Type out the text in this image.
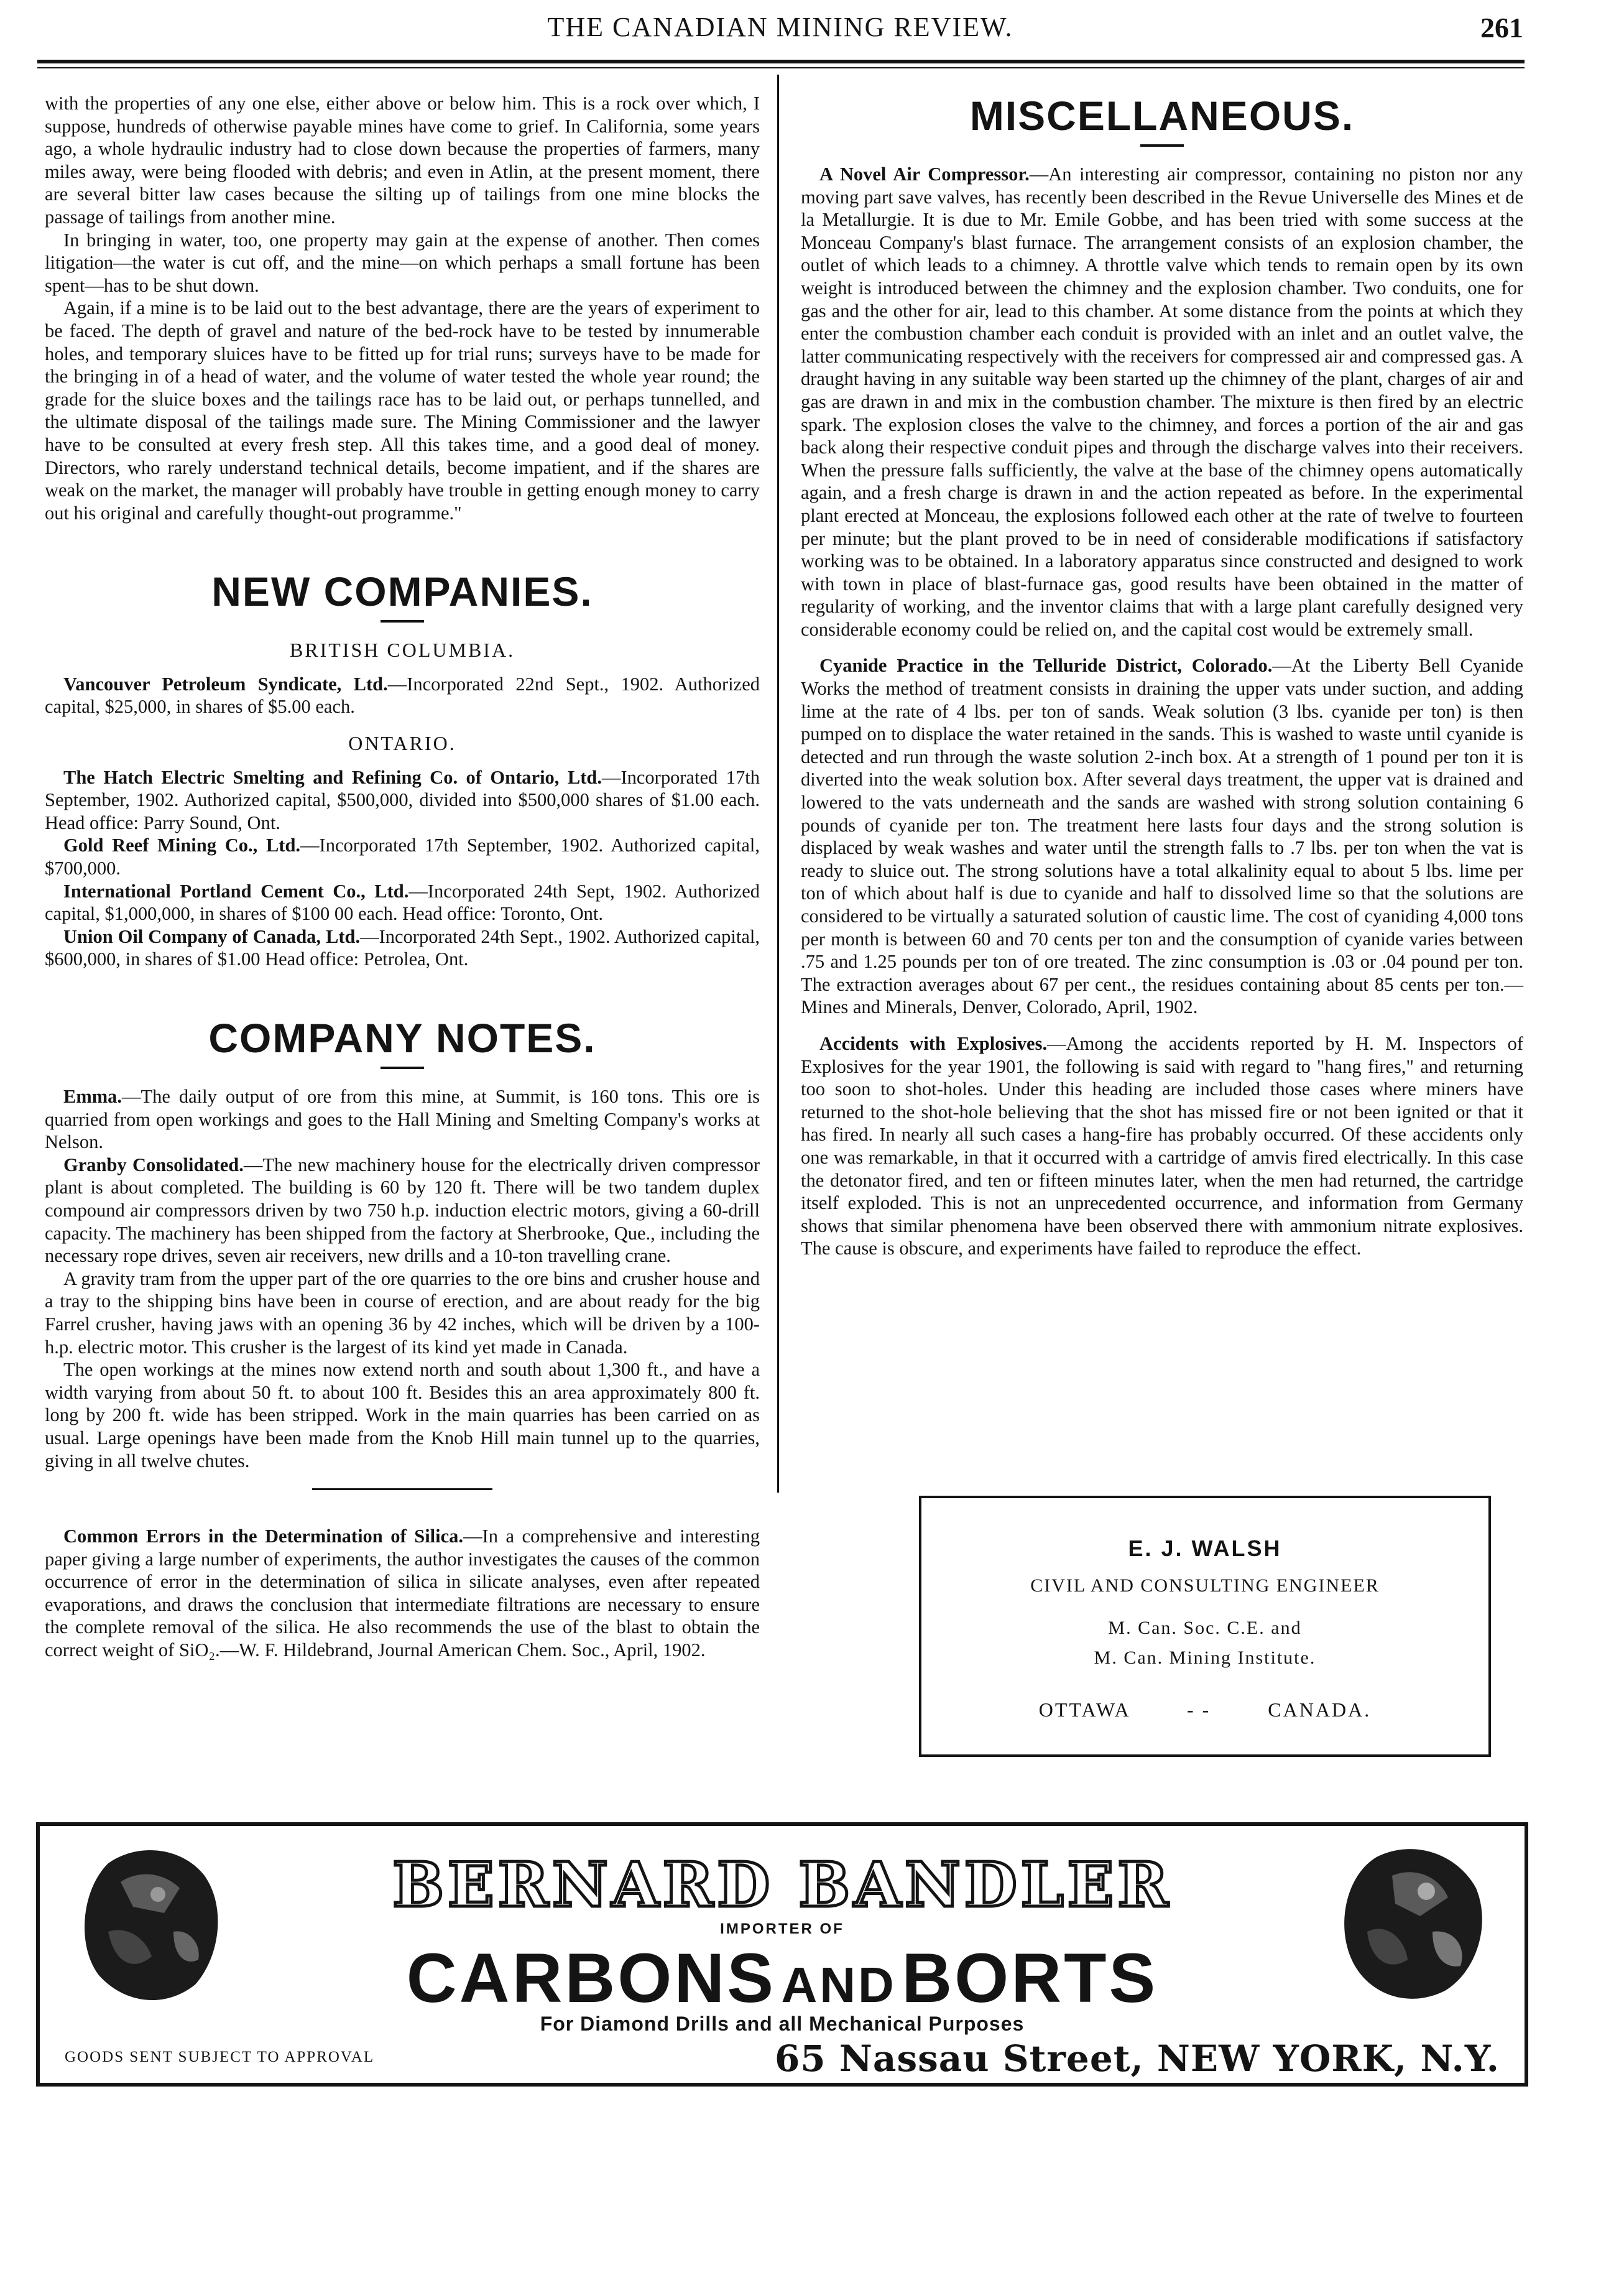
THE CANADIAN MINING REVIEW.	261

with the properties of any one else, either above or below him. This is a rock over which, I suppose, hundreds of otherwise payable mines have come to grief. In California, some years ago, a whole hydraulic industry had to close down because the properties of farmers, many miles away, were being flooded with debris; and even in Atlin, at the present moment, there are several bitter law cases because the silting up of tailings from one mine blocks the passage of tailings from another mine.

In bringing in water, too, one property may gain at the expense of another. Then comes litigation—the water is cut off, and the mine—on which perhaps a small fortune has been spent—has to be shut down.

Again, if a mine is to be laid out to the best advantage, there are the years of experiment to be faced. The depth of gravel and nature of the bed-rock have to be tested by innumerable holes, and temporary sluices have to be fitted up for trial runs; surveys have to be made for the bringing in of a head of water, and the volume of water tested the whole year round; the grade for the sluice boxes and the tailings race has to be laid out, or perhaps tunnelled, and the ultimate disposal of the tailings made sure. The Mining Commissioner and the lawyer have to be consulted at every fresh step. All this takes time, and a good deal of money. Directors, who rarely understand technical details, become impatient, and if the shares are weak on the market, the manager will probably have trouble in getting enough money to carry out his original and carefully thought-out programme."

NEW COMPANIES.
BRITISH COLUMBIA.

Vancouver Petroleum Syndicate, Ltd.—Incorporated 22nd Sept., 1902. Authorized capital, $25,000, in shares of $5.00 each.

ONTARIO.

The Hatch Electric Smelting and Refining Co. of Ontario, Ltd.—Incorporated 17th September, 1902. Authorized capital, $500,000, divided into $500,000 shares of $1.00 each. Head office: Parry Sound, Ont.

Gold Reef Mining Co., Ltd.—Incorporated 17th September, 1902. Authorized capital, $700,000.

International Portland Cement Co., Ltd.—Incorporated 24th Sept, 1902. Authorized capital, $1,000,000, in shares of $100 00 each. Head office: Toronto, Ont.

Union Oil Company of Canada, Ltd.—Incorporated 24th Sept., 1902. Authorized capital, $600,000, in shares of $1.00 Head office: Petrolea, Ont.

COMPANY NOTES.

Emma.—The daily output of ore from this mine, at Summit, is 160 tons. This ore is quarried from open workings and goes to the Hall Mining and Smelting Company's works at Nelson.

Granby Consolidated.—The new machinery house for the electrically driven compressor plant is about completed. The building is 60 by 120 ft. There will be two tandem duplex compound air compressors driven by two 750 h.p. induction electric motors, giving a 60-drill capacity. The machinery has been shipped from the factory at Sherbrooke, Que., including the necessary rope drives, seven air receivers, new drills and a 10-ton travelling crane.

A gravity tram from the upper part of the ore quarries to the ore bins and crusher house and a tray to the shipping bins have been in course of erection, and are about ready for the big Farrel crusher, having jaws with an opening 36 by 42 inches, which will be driven by a 100-h.p. electric motor. This crusher is the largest of its kind yet made in Canada.

The open workings at the mines now extend north and south about 1,300 ft., and have a width varying from about 50 ft. to about 100 ft. Besides this an area approximately 800 ft. long by 200 ft. wide has been stripped. Work in the main quarries has been carried on as usual. Large openings have been made from the Knob Hill main tunnel up to the quarries, giving in all twelve chutes.

Common Errors in the Determination of Silica.—In a comprehensive and interesting paper giving a large number of experiments, the author investigates the causes of the common occurrence of error in the determination of silica in silicate analyses, even after repeated evaporations, and draws the conclusion that intermediate filtrations are necessary to ensure the complete removal of the silica. He also recommends the use of the blast to obtain the correct weight of SiO₂.—W. F. Hildebrand, Journal American Chem. Soc., April, 1902.

MISCELLANEOUS.

A Novel Air Compressor.—An interesting air compressor, containing no piston nor any moving part save valves, has recently been described in the Revue Universelle des Mines et de la Metallurgie. It is due to Mr. Emile Gobbe, and has been tried with some success at the Monceau Company's blast furnace. The arrangement consists of an explosion chamber, the outlet of which leads to a chimney. A throttle valve which tends to remain open by its own weight is introduced between the chimney and the explosion chamber. Two conduits, one for gas and the other for air, lead to this chamber. At some distance from the points at which they enter the combustion chamber each conduit is provided with an inlet and an outlet valve, the latter communicating respectively with the receivers for compressed air and compressed gas. A draught having in any suitable way been started up the chimney of the plant, charges of air and gas are drawn in and mix in the combustion chamber. The mixture is then fired by an electric spark. The explosion closes the valve to the chimney, and forces a portion of the air and gas back along their respective conduit pipes and through the discharge valves into their receivers. When the pressure falls sufficiently, the valve at the base of the chimney opens automatically again, and a fresh charge is drawn in and the action repeated as before. In the experimental plant erected at Monceau, the explosions followed each other at the rate of twelve to fourteen per minute; but the plant proved to be in need of considerable modifications if satisfactory working was to be obtained. In a laboratory apparatus since constructed and designed to work with town in place of blast-furnace gas, good results have been obtained in the matter of regularity of working, and the inventor claims that with a large plant carefully designed very considerable economy could be relied on, and the capital cost would be extremely small.

Cyanide Practice in the Telluride District, Colorado.—At the Liberty Bell Cyanide Works the method of treatment consists in draining the upper vats under suction, and adding lime at the rate of 4 lbs. per ton of sands. Weak solution (3 lbs. cyanide per ton) is then pumped on to displace the water retained in the sands. This is washed to waste until cyanide is detected and run through the waste solution 2-inch box. At a strength of 1 pound per ton it is diverted into the weak solution box. After several days treatment, the upper vat is drained and lowered to the vats underneath and the sands are washed with strong solution containing 6 pounds of cyanide per ton. The treatment here lasts four days and the strong solution is displaced by weak washes and water until the strength falls to .7 lbs. per ton when the vat is ready to sluice out. The strong solutions have a total alkalinity equal to about 5 lbs. lime per ton of which about half is due to cyanide and half to dissolved lime so that the solutions are considered to be virtually a saturated solution of caustic lime. The cost of cyaniding 4,000 tons per month is between 60 and 70 cents per ton and the consumption of cyanide varies between .75 and 1.25 pounds per ton of ore treated. The zinc consumption is .03 or .04 pound per ton. The extraction averages about 67 per cent., the residues containing about 85 cents per ton.—Mines and Minerals, Denver, Colorado, April, 1902.

Accidents with Explosives.—Among the accidents reported by H. M. Inspectors of Explosives for the year 1901, the following is said with regard to "hang fires," and returning too soon to shot-holes. Under this heading are included those cases where miners have returned to the shot-hole believing that the shot has missed fire or not been ignited or that it has fired. In nearly all such cases a hang-fire has probably occurred. Of these accidents only one was remarkable, in that it occurred with a cartridge of amvis fired electrically. In this case the detonator fired, and ten or fifteen minutes later, when the men had returned, the cartridge itself exploded. This is not an unprecedented occurrence, and information from Germany shows that similar phenomena have been observed there with ammonium nitrate explosives. The cause is obscure, and experiments have failed to reproduce the effect.

E. J. WALSH
CIVIL AND CONSULTING ENGINEER
M. Can. Soc. C.E. and
M. Can. Mining Institute.
OTTAWA	- -	CANADA.
BERNARD BANDLER
IMPORTER OF
CARBONS AND BORTS
For Diamond Drills and all Mechanical Purposes
GOODS SENT SUBJECT TO APPROVAL	65 Nassau Street, NEW YORK, N.Y.
